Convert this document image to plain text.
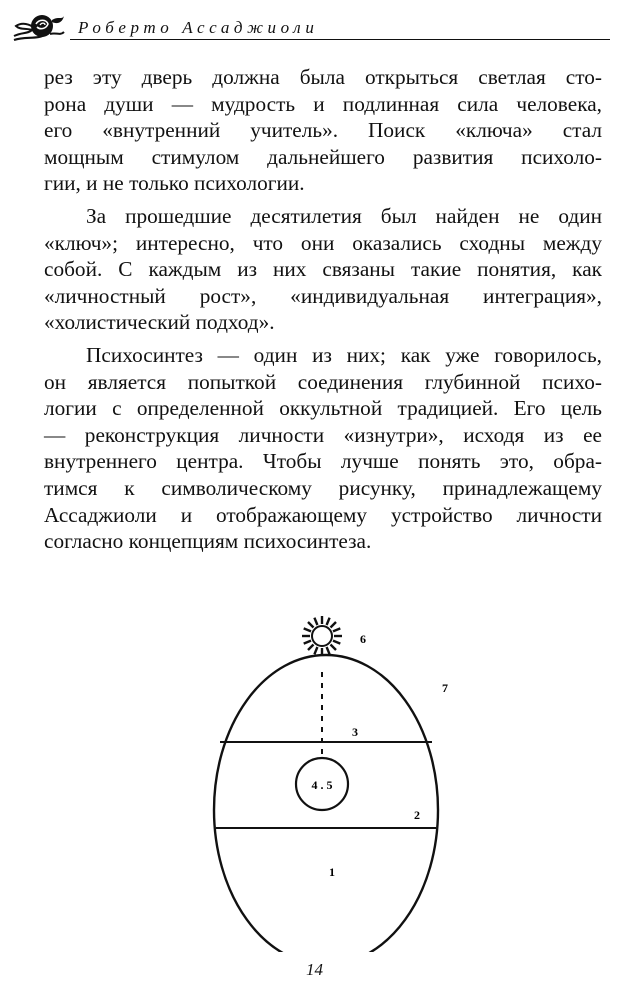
Роберто Ассаджиоли

рез эту дверь должна была открыться светлая сто-

рона души — мудрость и подлинная сила человека,

его «внутренний учитель». Поиск «ключа» стал

мощным стимулом дальнейшего развития психоло-

гии, и не только психологии.

За прошедшие десятилетия был найден не один

«ключ»; интересно, что они оказались сходны между

собой. С каждым из них связаны такие понятия, как

«личностный рост», «индивидуальная интеграция»,

«холистический подход».

Психосинтез — один из них; как уже говорилось,

он является попыткой соединения глубинной психо-

логии с определенной оккультной традицией. Его цель

— реконструкция личности «изнутри», исходя из ее

внутреннего центра. Чтобы лучше понять это, обра-

тимся к символическому рисунку, принадлежащему

Ассаджиоли и отображающему устройство личности

согласно концепциям психосинтеза.

6
7
3
4 . 5
2
1
14
